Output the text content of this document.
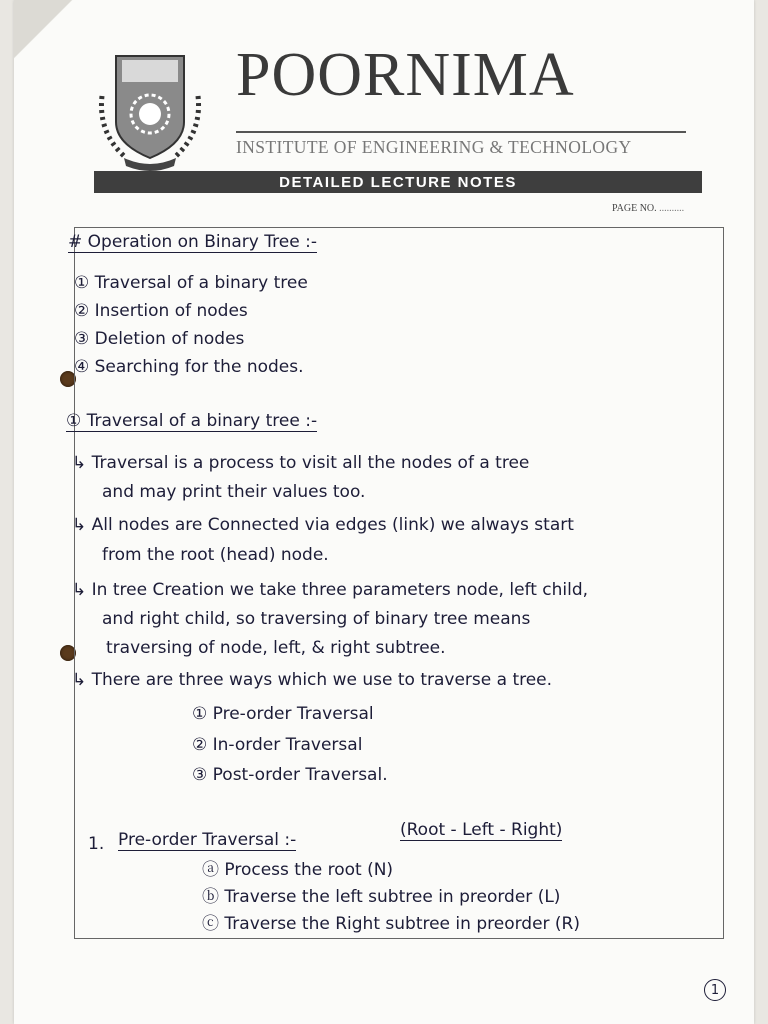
POORNIMA
INSTITUTE OF ENGINEERING & TECHNOLOGY
DETAILED LECTURE NOTES
PAGE NO. ..........
# Operation on Binary Tree :-
① Traversal of a binary tree
② Insertion of nodes
③ Deletion of nodes
④ Searching for the nodes.
① Traversal of a binary tree :-
↳ Traversal is a process to visit all the nodes of a tree
and may print their values too.
↳ All nodes are Connected via edges (link) we always start
from the root (head) node.
↳ In tree Creation we take three parameters node, left child,
and right child, so traversing of binary tree means
traversing of node, left, & right subtree.
↳ There are three ways which we use to traverse a tree.
① Pre-order Traversal
② In-order Traversal
③ Post-order Traversal.
1. Pre-order Traversal :-	(Root - Left - Right)
ⓐ Process the root (N)
ⓑ Traverse the left subtree in preorder (L)
ⓒ Traverse the Right subtree in preorder (R)
1
